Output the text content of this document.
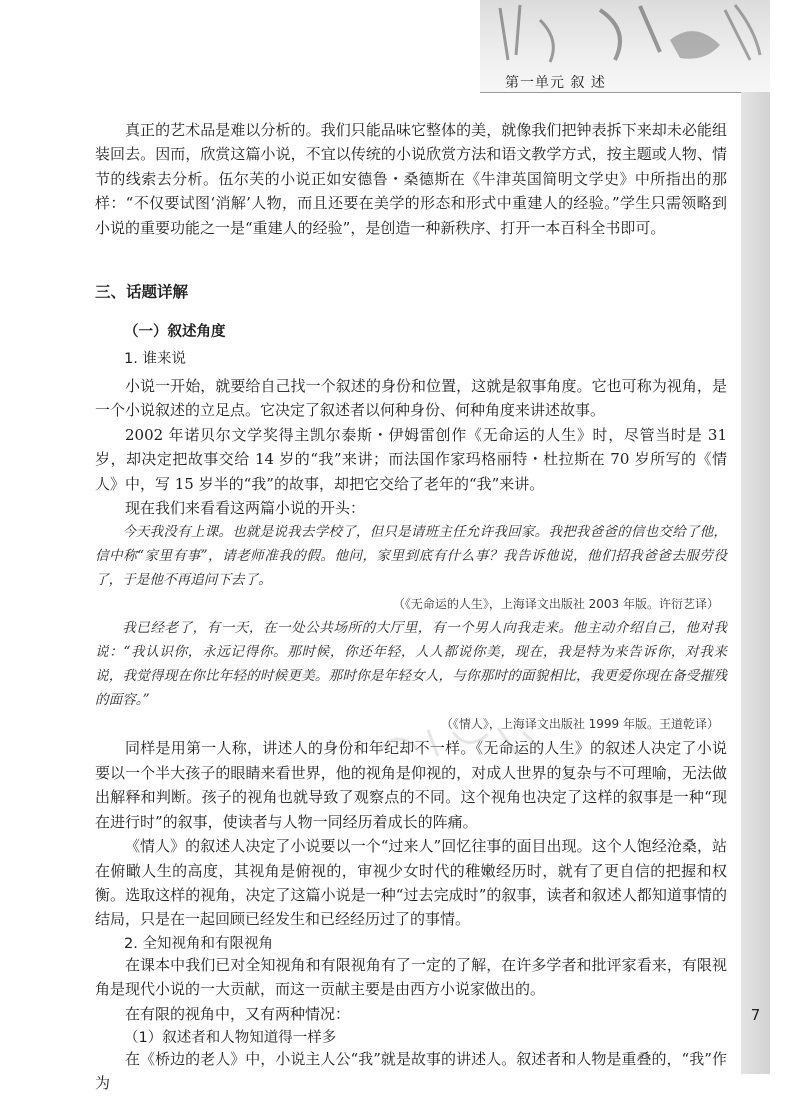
第一单元 叙 述
7

真正的艺术品是难以分析的。我们只能品味它整体的美，就像我们把钟表拆下来却未必能组装回去。因而，欣赏这篇小说，不宜以传统的小说欣赏方法和语文教学方式，按主题或人物、情节的线索去分析。伍尔芙的小说正如安德鲁・桑德斯在《牛津英国简明文学史》中所指出的那样：“不仅要试图‘消解’人物，而且还要在美学的形态和形式中重建人的经验。”学生只需领略到小说的重要功能之一是“重建人的经验”，是创造一种新秩序、打开一本百科全书即可。

三、话题详解

（一）叙述角度

1. 谁来说

小说一开始，就要给自己找一个叙述的身份和位置，这就是叙事角度。它也可称为视角，是一个小说叙述的立足点。它决定了叙述者以何种身份、何种角度来讲述故事。

2002 年诺贝尔文学奖得主凯尔泰斯・伊姆雷创作《无命运的人生》时，尽管当时是 31 岁，却决定把故事交给 14 岁的“我”来讲；而法国作家玛格丽特・杜拉斯在 70 岁所写的《情人》中，写 15 岁半的“我”的故事，却把它交给了老年的“我”来讲。

现在我们来看看这两篇小说的开头：

今天我没有上课。也就是说我去学校了，但只是请班主任允许我回家。我把我爸爸的信也交给了他，信中称“家里有事”，请老师准我的假。他问，家里到底有什么事？我告诉他说，他们招我爸爸去服劳役了，于是他不再追问下去了。

（《无命运的人生》，上海译文出版社 2003 年版。许衍艺译）

我已经老了，有一天，在一处公共场所的大厅里，有一个男人向我走来。他主动介绍自己，他对我说：“我认识你，永远记得你。那时候，你还年轻，人人都说你美，现在，我是特为来告诉你，对我来说，我觉得现在你比年轻的时候更美。那时你是年轻女人，与你那时的面貌相比，我更爱你现在备受摧残的面容。”

（《情人》，上海译文出版社 1999 年版。王道乾译）

同样是用第一人称，讲述人的身份和年纪却不一样。《无命运的人生》的叙述人决定了小说要以一个半大孩子的眼睛来看世界，他的视角是仰视的，对成人世界的复杂与不可理喻，无法做出解释和判断。孩子的视角也就导致了观察点的不同。这个视角也决定了这样的叙事是一种“现在进行时”的叙事，使读者与人物一同经历着成长的阵痛。

《情人》的叙述人决定了小说要以一个“过来人”回忆往事的面目出现。这个人饱经沧桑，站在俯瞰人生的高度，其视角是俯视的，审视少女时代的稚嫩经历时，就有了更自信的把握和权衡。选取这样的视角，决定了这篇小说是一种“过去完成时”的叙事，读者和叙述人都知道事情的结局，只是在一起回顾已经发生和已经经历过了的事情。

2. 全知视角和有限视角

在课本中我们已对全知视角和有限视角有了一定的了解，在许多学者和批评家看来，有限视角是现代小说的一大贡献，而这一贡献主要是由西方小说家做出的。

在有限的视角中，又有两种情况：

（1）叙述者和人物知道得一样多

在《桥边的老人》中，小说主人公“我”就是故事的讲述人。叙述者和人物是重叠的，“我”作为
